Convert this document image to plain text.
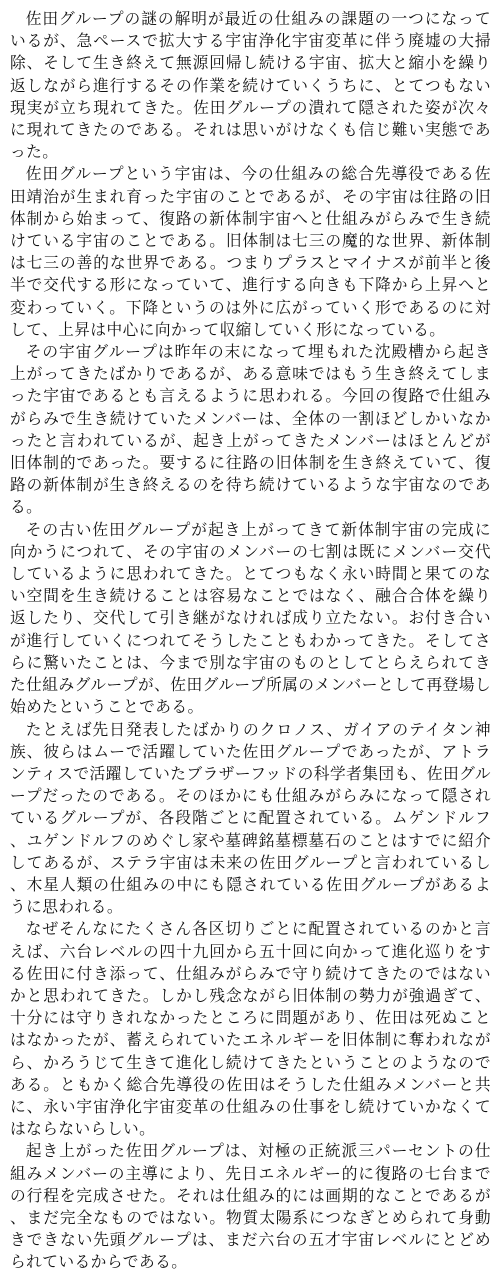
佐田グループの謎の解明が最近の仕組みの課題の一つになっているが、急ペースで拡大する宇宙浄化宇宙変革に伴う廃墟の大掃除、そして生き終えて無源回帰し続ける宇宙、拡大と縮小を繰り返しながら進行するその作業を続けていくうちに、とてつもない現実が立ち現れてきた。佐田グループの潰れて隠された姿が次々に現れてきたのである。それは思いがけなくも信じ難い実態であった。

佐田グループという宇宙は、今の仕組みの総合先導役である佐田靖治が生まれ育った宇宙のことであるが、その宇宙は往路の旧体制から始まって、復路の新体制宇宙へと仕組みがらみで生き続けている宇宙のことである。旧体制は七三の魔的な世界、新体制は七三の善的な世界である。つまりプラスとマイナスが前半と後半で交代する形になっていて、進行する向きも下降から上昇へと変わっていく。下降というのは外に広がっていく形であるのに対して、上昇は中心に向かって収縮していく形になっている。

その宇宙グループは昨年の末になって埋もれた沈殿槽から起き上がってきたばかりであるが、ある意味ではもう生き終えてしまった宇宙であるとも言えるように思われる。今回の復路で仕組みがらみで生き続けていたメンバーは、全体の一割ほどしかいなかったと言われているが、起き上がってきたメンバーはほとんどが旧体制的であった。要するに往路の旧体制を生き終えていて、復路の新体制が生き終えるのを待ち続けているような宇宙なのである。

その古い佐田グループが起き上がってきて新体制宇宙の完成に向かうにつれて、その宇宙のメンバーの七割は既にメンバー交代しているように思われてきた。とてつもなく永い時間と果てのない空間を生き続けることは容易なことではなく、融合合体を繰り返したり、交代して引き継がなければ成り立たない。お付き合いが進行していくにつれてそうしたこともわかってきた。そしてさらに驚いたことは、今まで別な宇宙のものとしてとらえられてきた仕組みグループが、佐田グループ所属のメンバーとして再登場し始めたということである。

たとえば先日発表したばかりのクロノス、ガイアのテイタン神族、彼らはムーで活躍していた佐田グループであったが、アトランティスで活躍していたブラザーフッドの科学者集団も、佐田グループだったのである。そのほかにも仕組みがらみになって隠されているグループが、各段階ごとに配置されている。ムゲンドルフ、ユゲンドルフのめぐし家や墓碑銘墓標墓石のことはすでに紹介してあるが、ステラ宇宙は未来の佐田グループと言われているし、木星人類の仕組みの中にも隠されている佐田グループがあるように思われる。

なぜそんなにたくさん各区切りごとに配置されているのかと言えば、六台レベルの四十九回から五十回に向かって進化巡りをする佐田に付き添って、仕組みがらみで守り続けてきたのではないかと思われてきた。しかし残念ながら旧体制の勢力が強過ぎて、十分には守りきれなかったところに問題があり、佐田は死ぬことはなかったが、蓄えられていたエネルギーを旧体制に奪われながら、かろうじて生きて進化し続けてきたということのようなのである。ともかく総合先導役の佐田はそうした仕組みメンバーと共に、永い宇宙浄化宇宙変革の仕組みの仕事をし続けていかなくてはならないらしい。

起き上がった佐田グループは、対極の正統派三パーセントの仕組みメンバーの主導により、先日エネルギー的に復路の七台までの行程を完成させた。それは仕組み的には画期的なことであるが、まだ完全なものではない。物質太陽系につなぎとめられて身動きできない先頭グループは、まだ六台の五才宇宙レベルにとどめられているからである。
